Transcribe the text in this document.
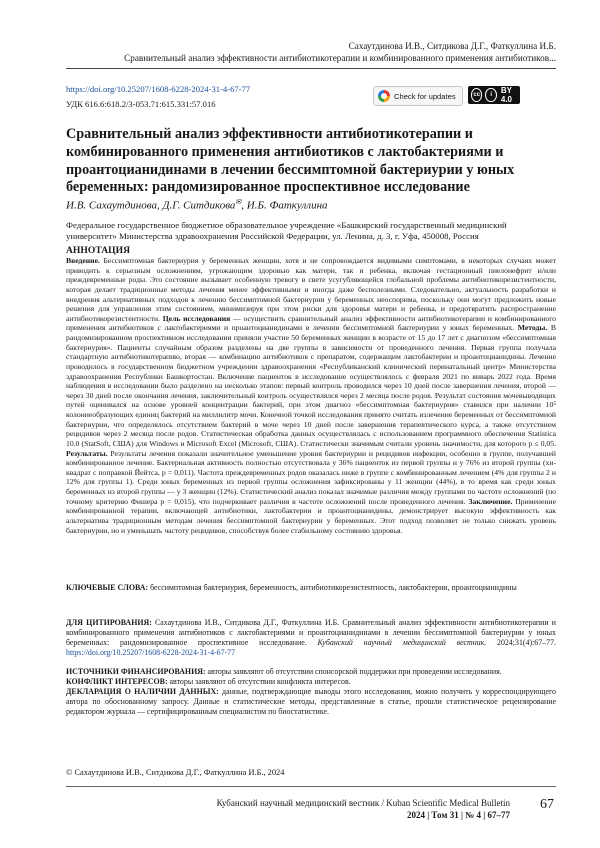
Сахаутдинова И.В., Ситдикова Д.Г., Фаткуллина И.Б.
Сравнительный анализ эффективности антибиотикотерапии и комбинированного применения антибиотиков...
https://doi.org/10.25207/1608-6228-2024-31-4-67-77
УДК 616.6:618.2/3-053.71:615.331:57.016
Check for updates	cc	i	BY 4.0
Сравнительный анализ эффективности антибиотикотерапии и комбинированного применения антибиотиков с лактобактериями и проантоцианидинами в лечении бессимптомной бактериурии у юных беременных: рандомизированное проспективное исследование
И.В. Сахаутдинова, Д.Г. Ситдикова✉, И.Б. Фаткуллина
Федеральное государственное бюджетное образовательное учреждение «Башкирский государственный медицинский университет» Министерства здравоохранения Российской Федерации, ул. Ленина, д. 3, г. Уфа, 450008, Россия
АННОТАЦИЯ
Введение. Бессимптомная бактериурия у беременных женщин, хотя и не сопровождается видимыми симптомами, в некоторых случаях может приводить к серьезным осложнениям, угрожающим здоровью как матери, так и ребенка, включая гестационный пиелонефрит и/или преждевременные роды. Это состояние вызывает особенную тревогу в свете усугубляющейся глобальной проблемы антибиотикорезистентности, которая делает традиционные методы лечения менее эффективными и иногда даже бесполезными. Следовательно, актуальность разработки и внедрения альтернативных подходов к лечению бессимптомной бактериурии у беременных неоспорима, поскольку они могут предложить новые решения для управления этим состоянием, минимизируя при этом риски для здоровья матери и ребенка, и предотвратить распространение антибиотикорезистентности. Цель исследования — осуществить сравнительный анализ эффективности антибиотикотерапии и комбинированного применения антибиотиков с лактобактериями и проантоцианидинами в лечении бессимптомной бактериурии у юных беременных. Методы. В рандомизированном проспективном исследовании приняли участие 50 беременных женщин в возрасте от 15 до 17 лет с диагнозом «бессимптомная бактериурия». Пациенты случайным образом разделены на две группы в зависимости от проведенного лечения. Первая группа получала стандартную антибиотикотерапию, вторая — комбинацию антибиотиков с препаратом, содержащим лактобактерии и проантоцианидины. Лечение проводилось в государственном бюджетном учреждении здравоохранения «Республиканский клинический перинатальный центр» Министерства здравоохранения Республики Башкортостан. Включение пациенток в исследование осуществлялось с февраля 2021 по январь 2022 года. Время наблюдения в исследовании было разделено на несколько этапов: первый контроль проводился через 10 дней после завершения лечения, второй — через 30 дней после окончания лечения, заключительный контроль осуществлялся через 2 месяца после родов. Результат состояния мочевыводящих путей оценивался на основе уровней концентрации бактерий, при этом диагноз «бессимптомная бактериурия» ставился при наличии 10⁵ колониеобразующих единиц бактерий на миллилитр мочи. Конечной точкой исследования принято считать излечение беременных от бессимптомной бактериурии, что определялось отсутствием бактерий в моче через 10 дней после завершения терапевтического курса, а также отсутствием рецидивов через 2 месяца после родов. Статистическая обработка данных осуществлялась с использованием программного обеспечения Statistica 10.0 (StatSoft, США) для Windows и Microsoft Excel (Microsoft, США). Статистически значимым считали уровень значимости, для которого p ≤ 0,05. Результаты. Результаты лечения показали значительное уменьшение уровня бактериурии и рецидивов инфекции, особенно в группе, получавшей комбинированное лечение. Бактериальная активность полностью отсутствовала у 36% пациенток из первой группы и у 76% из второй группы (хи-квадрат с поправкой Йейтса, p = 0,011). Частота преждевременных родов оказалась ниже в группе с комбинированным лечением (4% для группы 2 и 12% для группы 1). Среди юных беременных из первой группы осложнения зафиксированы у 11 женщин (44%), в то время как среди юных беременных из второй группы — у 3 женщин (12%). Статистический анализ показал значимые различия между группами по частоте осложнений (по точному критерию Фишера p = 0,015), что подчеркивает различия в частоте осложнений после проведенного лечения. Заключение. Применение комбинированной терапии, включающей антибиотики, лактобактерии и проантоцианидины, демонстрирует высокую эффективность как альтернатива традиционным методам лечения бессимптомной бактериурии у беременных. Этот подход позволяет не только снижать уровень бактериурии, но и уменьшать частоту рецидивов, способствуя более стабильному состоянию здоровья.
КЛЮЧЕВЫЕ СЛОВА: бессимптомная бактериурия, беременность, антибиотикорезистентность, лактобактерии, проантоцианидины
ДЛЯ ЦИТИРОВАНИЯ: Сахаутдинова И.В., Ситдикова Д.Г., Фаткуллина И.Б. Сравнительный анализ эффективности антибиотикотерапии и комбинированного применения антибиотиков с лактобактериями и проантоцианидинами в лечении бессимптомной бактериурии у юных беременных: рандомизированное проспективное исследование. Кубанский научный медицинский вестник. 2024;31(4):67–77. https://doi.org/10.25207/1608-6228-2024-31-4-67-77
ИСТОЧНИКИ ФИНАНСИРОВАНИЯ: авторы заявляют об отсутствии спонсорской поддержки при проведении исследования.
КОНФЛИКТ ИНТЕРЕСОВ: авторы заявляют об отсутствии конфликта интересов.
ДЕКЛАРАЦИЯ О НАЛИЧИИ ДАННЫХ: данные, подтверждающие выводы этого исследования, можно получить у корреспондирующего автора по обоснованному запросу. Данные и статистические методы, представленные в статье, прошли статистическое рецензирование редактором журнала — сертифицированным специалистом по биостатистике.
© Сахаутдинова И.В., Ситдикова Д.Г., Фаткуллина И.Б., 2024
Кубанский научный медицинский вестник / Kuban Scientific Medical Bulletin
2024 | Том 31 | № 4 | 67–77
67
